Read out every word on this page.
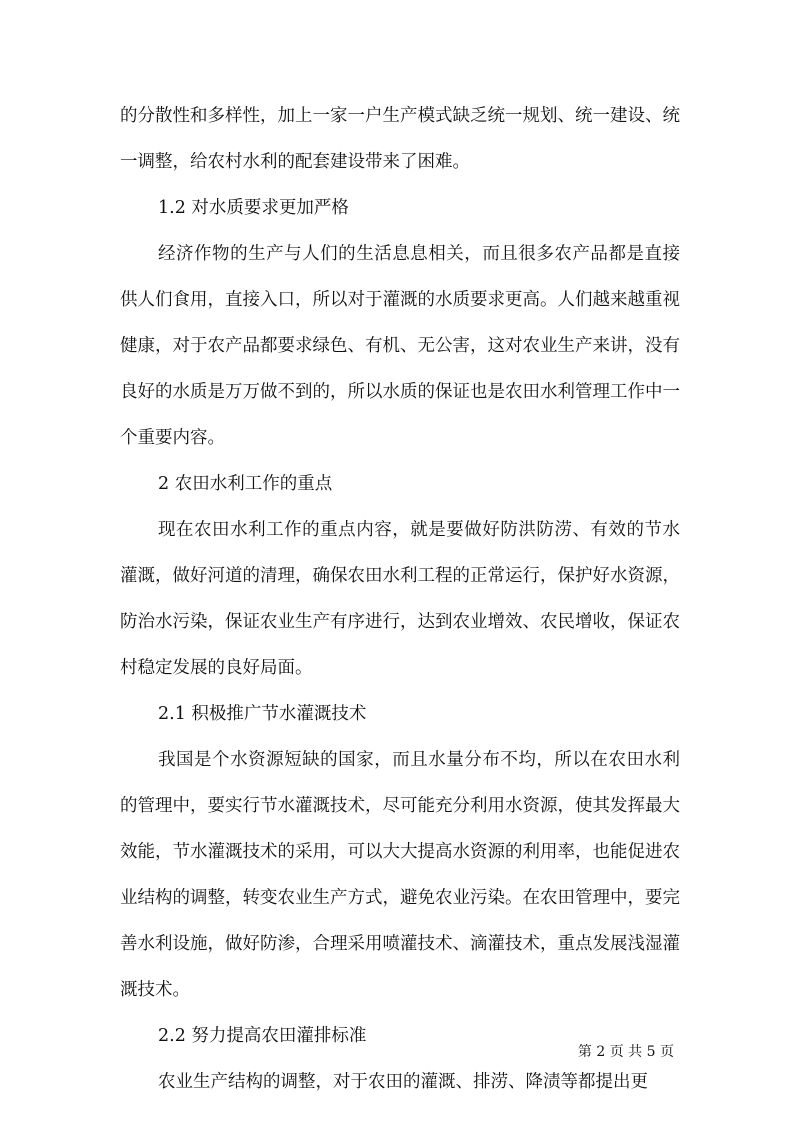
的分散性和多样性，加上一家一户生产模式缺乏统一规划、统一建设、统一调整，给农村水利的配套建设带来了困难。

1.2 对水质要求更加严格

经济作物的生产与人们的生活息息相关，而且很多农产品都是直接供人们食用，直接入口，所以对于灌溉的水质要求更高。人们越来越重视健康，对于农产品都要求绿色、有机、无公害，这对农业生产来讲，没有良好的水质是万万做不到的，所以水质的保证也是农田水利管理工作中一个重要内容。

2 农田水利工作的重点

现在农田水利工作的重点内容，就是要做好防洪防涝、有效的节水灌溉，做好河道的清理，确保农田水利工程的正常运行，保护好水资源，防治水污染，保证农业生产有序进行，达到农业增效、农民增收，保证农村稳定发展的良好局面。

2.1 积极推广节水灌溉技术

我国是个水资源短缺的国家，而且水量分布不均，所以在农田水利的管理中，要实行节水灌溉技术，尽可能充分利用水资源，使其发挥最大效能，节水灌溉技术的采用，可以大大提高水资源的利用率，也能促进农业结构的调整，转变农业生产方式，避免农业污染。在农田管理中，要完善水利设施，做好防渗，合理采用喷灌技术、滴灌技术，重点发展浅湿灌溉技术。

2.2 努力提高农田灌排标准

农业生产结构的调整，对于农田的灌溉、排涝、降渍等都提出更

第 2 页 共 5 页
